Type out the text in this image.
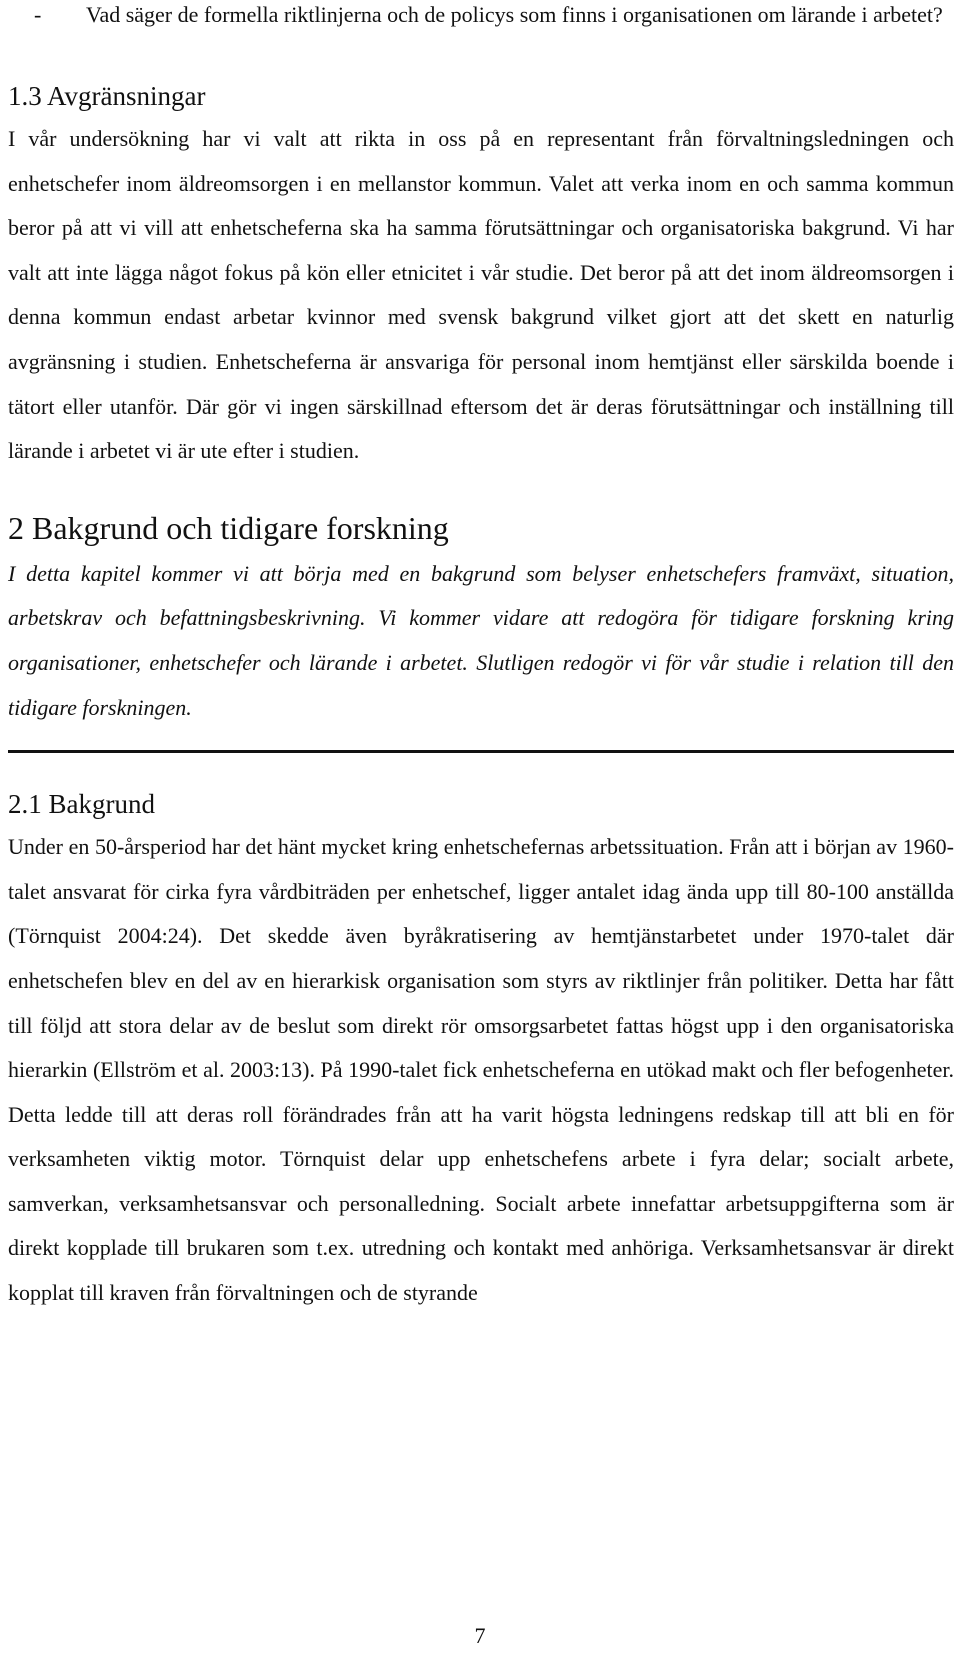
- Vad säger de formella riktlinjerna och de policys som finns i organisationen om lärande i arbetet?
1.3 Avgränsningar

I vår undersökning har vi valt att rikta in oss på en representant från förvaltningsledningen och enhetschefer inom äldreomsorgen i en mellanstor kommun. Valet att verka inom en och samma kommun beror på att vi vill att enhetscheferna ska ha samma förutsättningar och organisatoriska bakgrund. Vi har valt att inte lägga något fokus på kön eller etnicitet i vår studie. Det beror på att det inom äldreomsorgen i denna kommun endast arbetar kvinnor med svensk bakgrund vilket gjort att det skett en naturlig avgränsning i studien. Enhetscheferna är ansvariga för personal inom hemtjänst eller särskilda boende i tätort eller utanför. Där gör vi ingen särskillnad eftersom det är deras förutsättningar och inställning till lärande i arbetet vi är ute efter i studien.

2 Bakgrund och tidigare forskning

I detta kapitel kommer vi att börja med en bakgrund som belyser enhetschefers framväxt, situation, arbetskrav och befattningsbeskrivning. Vi kommer vidare att redogöra för tidigare forskning kring organisationer, enhetschefer och lärande i arbetet. Slutligen redogör vi för vår studie i relation till den tidigare forskningen.

2.1 Bakgrund

Under en 50-årsperiod har det hänt mycket kring enhetschefernas arbetssituation. Från att i början av 1960-talet ansvarat för cirka fyra vårdbiträden per enhetschef, ligger antalet idag ända upp till 80-100 anställda (Törnquist 2004:24). Det skedde även byråkratisering av hemtjänstarbetet under 1970-talet där enhetschefen blev en del av en hierarkisk organisation som styrs av riktlinjer från politiker. Detta har fått till följd att stora delar av de beslut som direkt rör omsorgsarbetet fattas högst upp i den organisatoriska hierarkin (Ellström et al. 2003:13). På 1990-talet fick enhetscheferna en utökad makt och fler befogenheter. Detta ledde till att deras roll förändrades från att ha varit högsta ledningens redskap till att bli en för verksamheten viktig motor. Törnquist delar upp enhetschefens arbete i fyra delar; socialt arbete, samverkan, verksamhetsansvar och personalledning. Socialt arbete innefattar arbetsuppgifterna som är direkt kopplade till brukaren som t.ex. utredning och kontakt med anhöriga. Verksamhetsansvar är direkt kopplat till kraven från förvaltningen och de styrande

7
